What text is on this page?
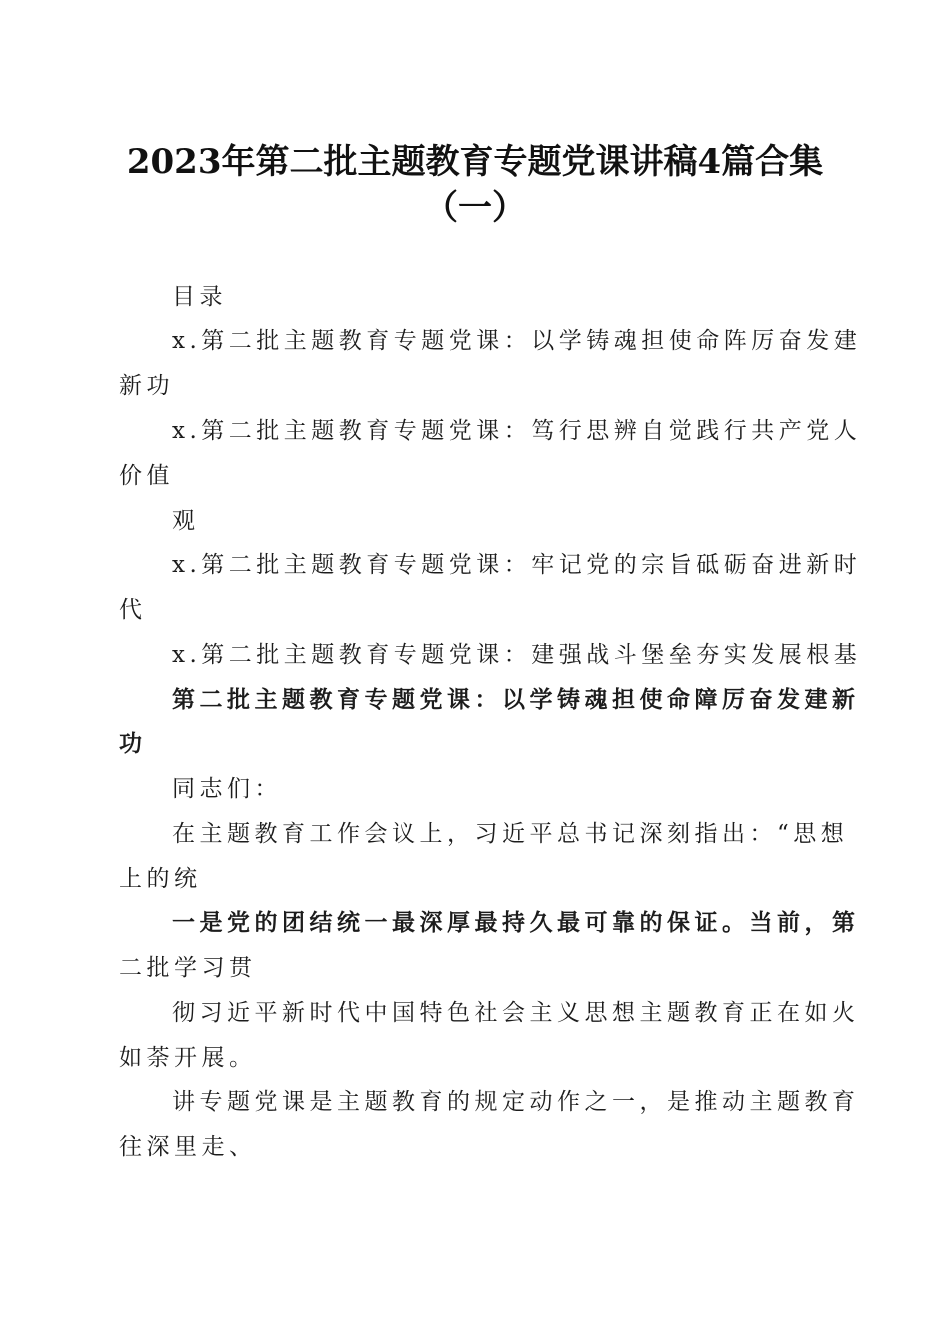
2023年第二批主题教育专题党课讲稿4篇合集
（一）
目录
x.第二批主题教育专题党课：以学铸魂担使命阵厉奋发建
新功
x.第二批主题教育专题党课：笃行思辨自觉践行共产党人
价值
观
x.第二批主题教育专题党课：牢记党的宗旨砥砺奋进新时
代
x.第二批主题教育专题党课：建强战斗堡垒夯实发展根基
第二批主题教育专题党课：以学铸魂担使命障厉奋发建新
功
同志们：
在主题教育工作会议上，习近平总书记深刻指出：“思想
上的统
一是党的团结统一最深厚最持久最可靠的保证。当前，第
二批学习贯
彻习近平新时代中国特色社会主义思想主题教育正在如火
如荼开展。
讲专题党课是主题教育的规定动作之一，是推动主题教育
往深里走、
